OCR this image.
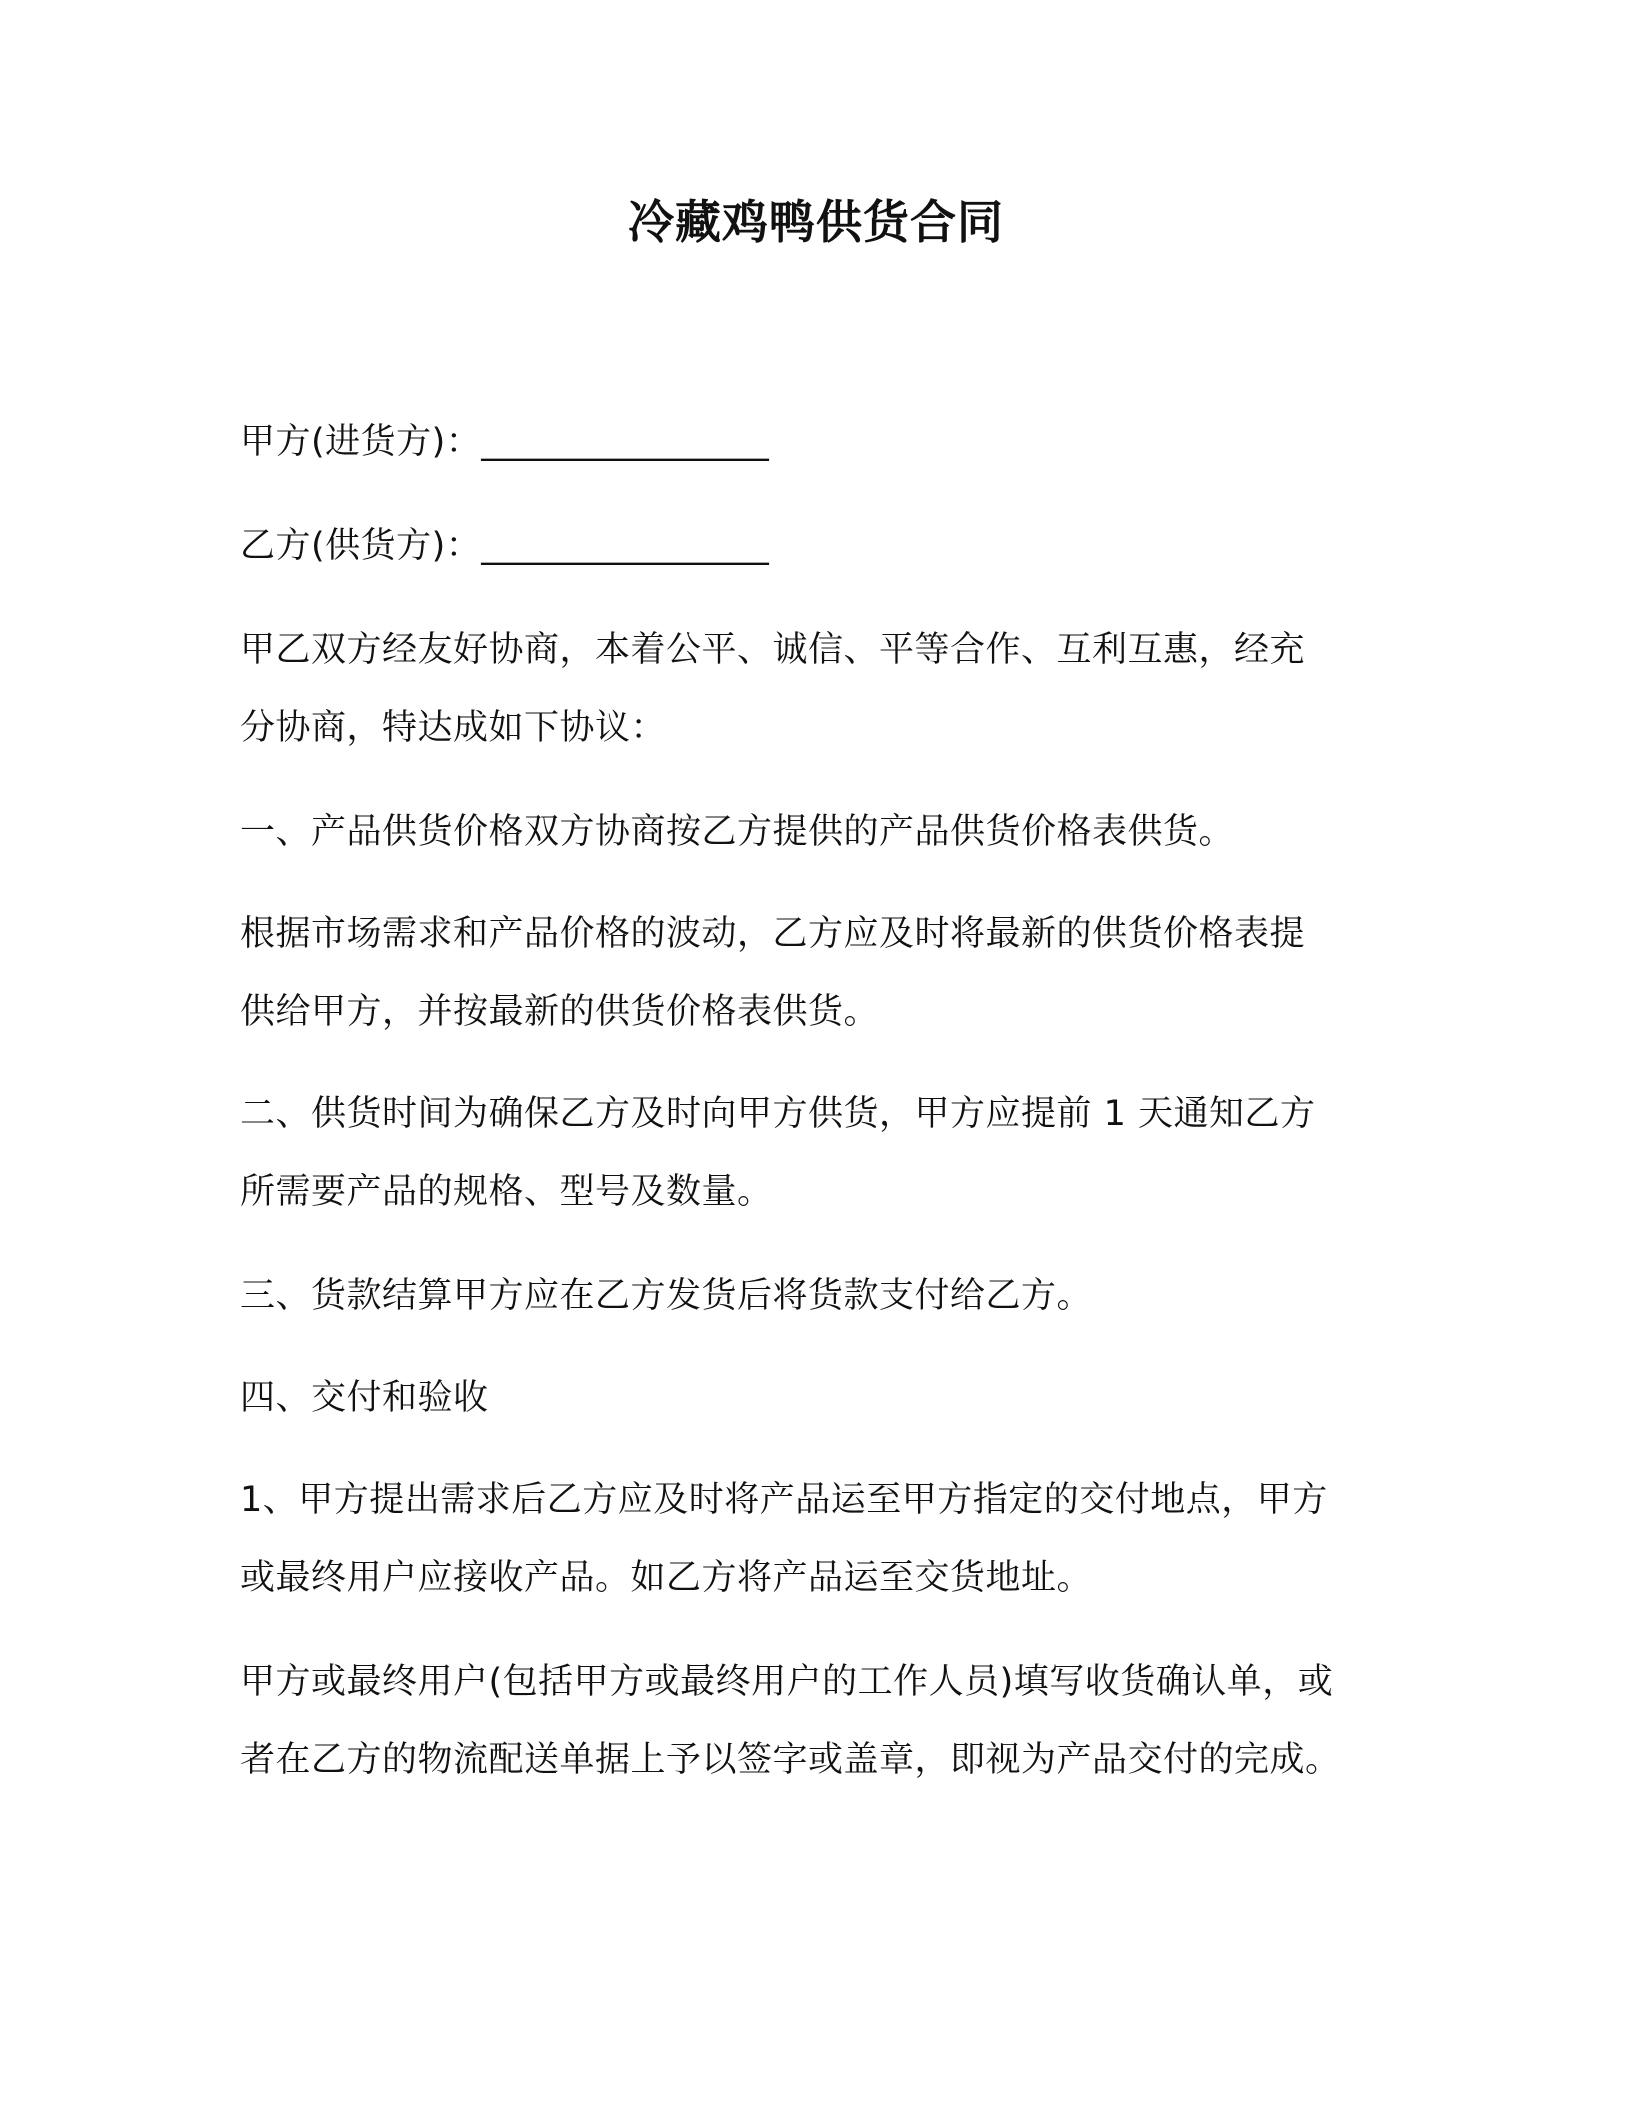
冷藏鸡鸭供货合同
甲方(进货方)：________________
乙方(供货方)：________________
甲乙双方经友好协商，本着公平、诚信、平等合作、互利互惠，经充
分协商，特达成如下协议：
一、产品供货价格双方协商按乙方提供的产品供货价格表供货。
根据市场需求和产品价格的波动，乙方应及时将最新的供货价格表提
供给甲方，并按最新的供货价格表供货。
二、供货时间为确保乙方及时向甲方供货，甲方应提前 1 天通知乙方
所需要产品的规格、型号及数量。
三、货款结算甲方应在乙方发货后将货款支付给乙方。
四、交付和验收
1、甲方提出需求后乙方应及时将产品运至甲方指定的交付地点，甲方
或最终用户应接收产品。如乙方将产品运至交货地址。
甲方或最终用户(包括甲方或最终用户的工作人员)填写收货确认单，或
者在乙方的物流配送单据上予以签字或盖章，即视为产品交付的完成。
